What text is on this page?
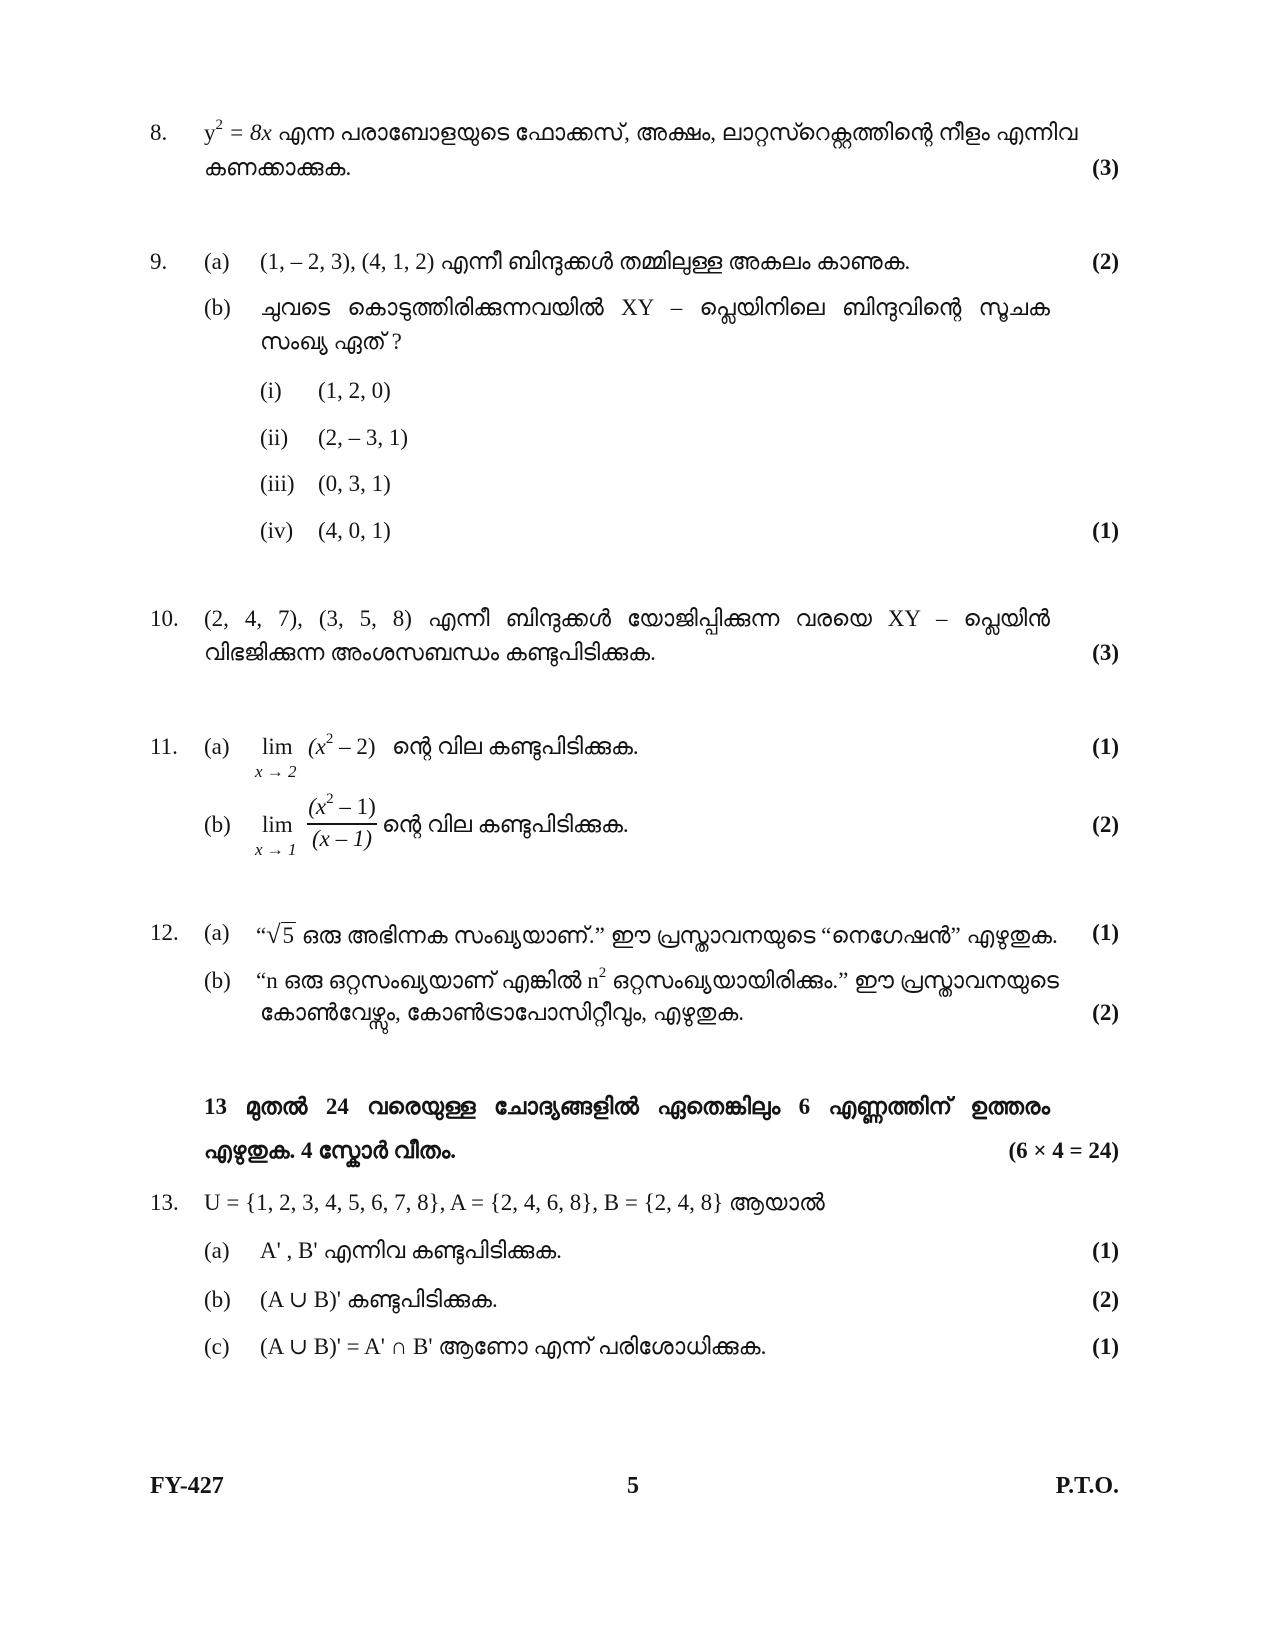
8. $y^2 = 8x$ എന്ന പരാബോളയുടെ ഫോക്കസ്, അക്ഷം, ലാറ്റസ്റെക്റ്റത്തിന്റെ നീളം എന്നിവ
കണക്കാക്കുക.	(3)
9. (a) (1, – 2, 3), (4, 1, 2) എന്നീ ബിന്ദുക്കൾ തമ്മിലുള്ള അകലം കാണുക.	(2)
(b) ചുവടെ കൊടുത്തിരിക്കുന്നവയിൽ XY – പ്ലെയിനിലെ ബിന്ദുവിന്റെ സൂചക
സംഖ്യ ഏത് ?
(i) (1, 2, 0)
(ii) (2, – 3, 1)
(iii) (0, 3, 1)
(iv) (4, 0, 1)	(1)
10. (2, 4, 7), (3, 5, 8) എന്നീ ബിന്ദുക്കൾ യോജിപ്പിക്കുന്ന വരയെ XY – പ്ലെയിൻ
വിഭജിക്കുന്ന അംശസബന്ധം കണ്ടുപിടിക്കുക.	(3)
11. (a) lim
x → 2
$(x^2 - 2)$ ന്റെ വില കണ്ടുപിടിക്കുക.	(1)
(b) lim
x → 1
$(x^2 - 1)$
(x – 1)
ന്റെ വില കണ്ടുപിടിക്കുക.	(2)
12. (a) “√5 ഒരു അഭിന്നക സംഖ്യയാണ്.” ഈ പ്രസ്താവനയുടെ “നെഗേഷൻ” എഴുതുക. (1)
(b) “n ഒരു ഒറ്റസംഖ്യയാണ് എങ്കിൽ $n^2$ ഒറ്റസംഖ്യയായിരിക്കും.” ഈ പ്രസ്താവനയുടെ
കോൺവേഴ്സും, കോൺട്രാപോസിറ്റീവും, എഴുതുക.	(2)
13 മുതൽ 24 വരെയുള്ള ചോദ്യങ്ങളിൽ ഏതെങ്കിലും 6 എണ്ണത്തിന് ഉത്തരം
എഴുതുക. 4 സ്കോർ വീതം.	(6 × 4 = 24)
13. U = {1, 2, 3, 4, 5, 6, 7, 8}, A = {2, 4, 6, 8}, B = {2, 4, 8} ആയാൽ
(a) A' , B' എന്നിവ കണ്ടുപിടിക്കുക.	(1)
(b) (A ∪ B)' കണ്ടുപിടിക്കുക.	(2)
(c) (A ∪ B)' = A' ∩ B' ആണോ എന്ന് പരിശോധിക്കുക.	(1)
FY-427	5	P.T.O.
